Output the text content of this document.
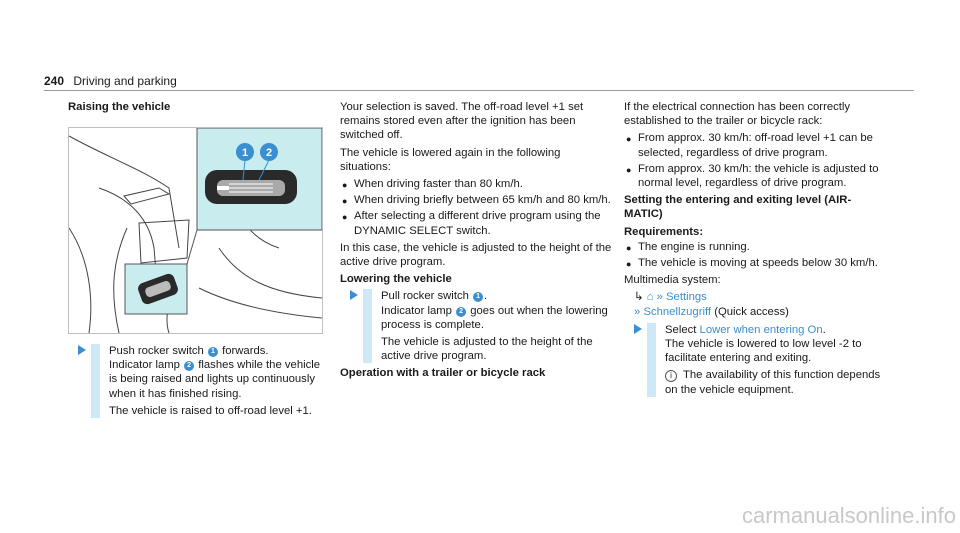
240 Driving and parking
Raising the vehicle
1 2

Push rocker switch 1 forwards.
Indicator lamp 2 flashes while the vehicle is being raised and lights up continuously when it has finished rising.

The vehicle is raised to off-road level +1.

Your selection is saved. The off-road level +1 set remains stored even after the ignition has been switched off.

The vehicle is lowered again in the following situations:

● When driving faster than 80 km/h.
● When driving briefly between 65 km/h and 80 km/h.
● After selecting a different drive program using the DYNAMIC SELECT switch.

In this case, the vehicle is adjusted to the height of the active drive program.

Lowering the vehicle

Pull rocker switch 1 .
Indicator lamp 2 goes out when the lowering process is complete.

The vehicle is adjusted to the height of the active drive program.

Operation with a trailer or bicycle rack

If the electrical connection has been correctly established to the trailer or bicycle rack:

● From approx. 30 km/h: off-road level +1 can be selected, regardless of drive program.
● From approx. 30 km/h: the vehicle is adjusted to normal level, regardless of drive program.
Setting the entering and exiting level (AIR-MATIC)
Requirements:
● The engine is running.
● The vehicle is moving at speeds below 30 km/h.

Multimedia system:

↳ ⌂ » Settings
» Schnellzugriff (Quick access)

Select Lower when entering On.
The vehicle is lowered to low level -2 to facilitate entering and exiting.

i The availability of this function depends on the vehicle equipment.

carmanualsonline.info
